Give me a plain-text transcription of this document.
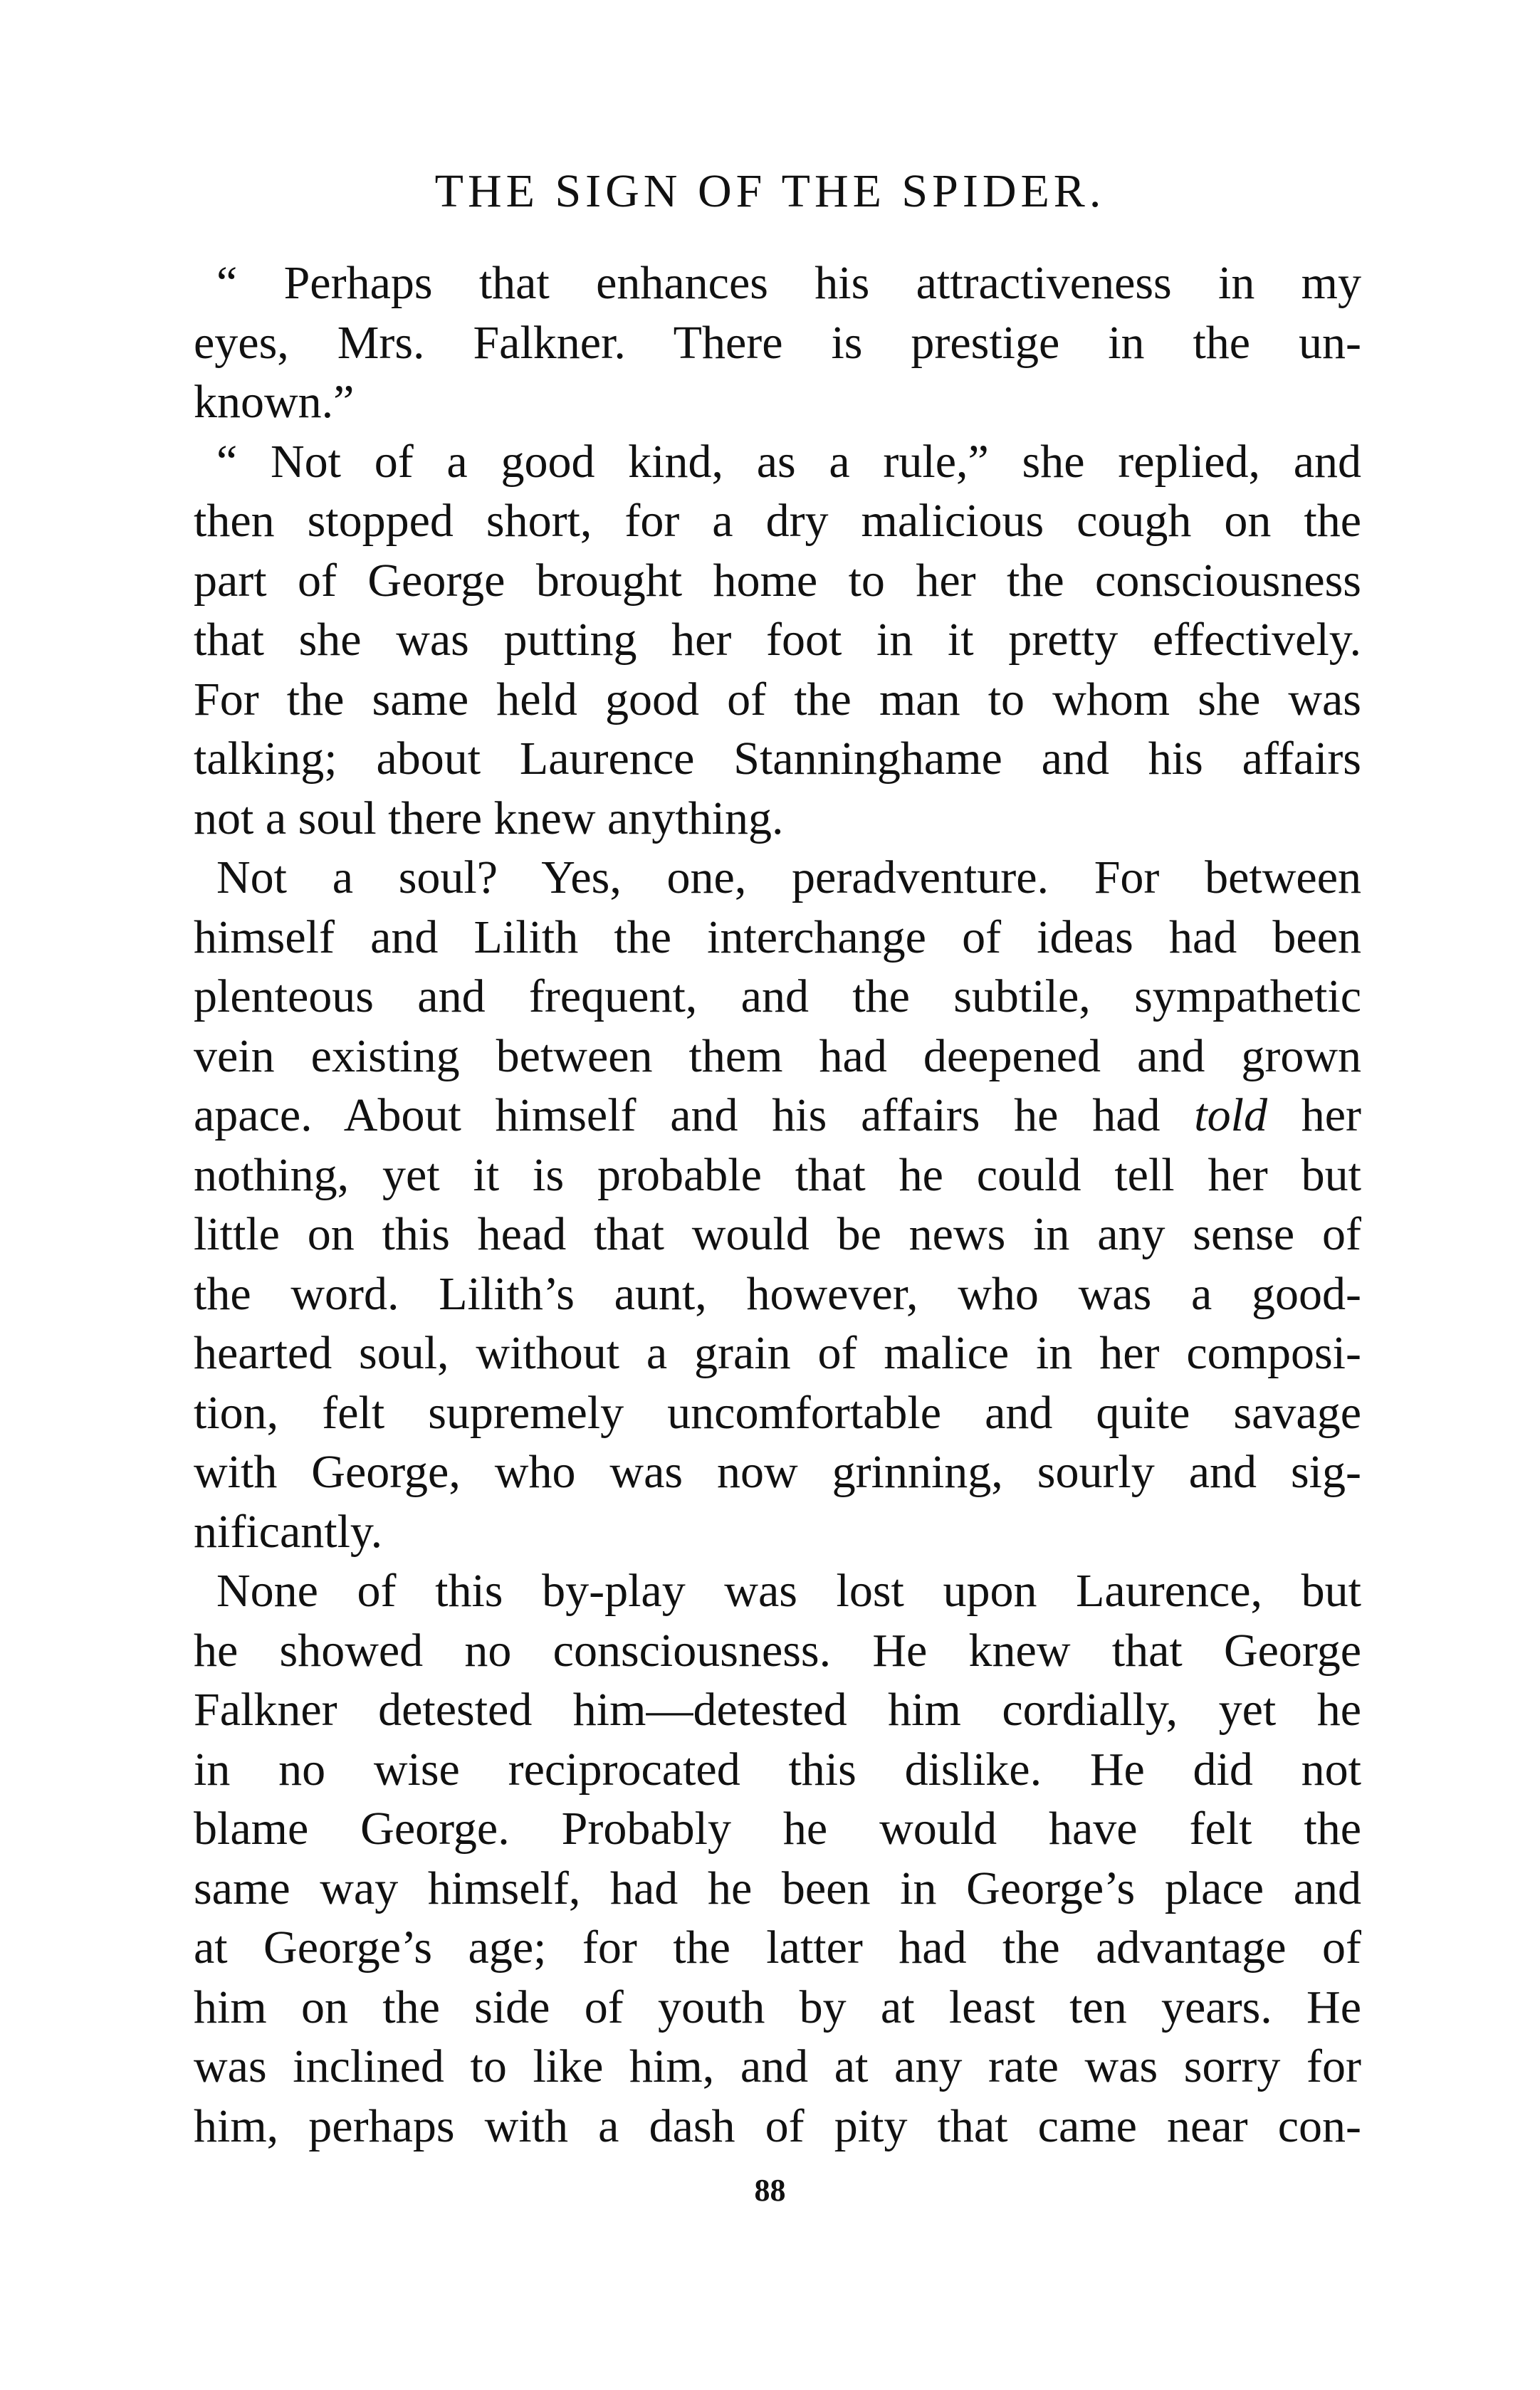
THE SIGN OF THE SPIDER.
“ Perhaps that enhances his attractiveness in my
eyes, Mrs. Falkner. There is prestige in the un-
known.”
“ Not of a good kind, as a rule,” she replied, and
then stopped short, for a dry malicious cough on the
part of George brought home to her the consciousness
that she was putting her foot in it pretty effectively.
For the same held good of the man to whom she was
talking; about Laurence Stanninghame and his affairs
not a soul there knew anything.
Not a soul? Yes, one, peradventure. For between
himself and Lilith the interchange of ideas had been
plenteous and frequent, and the subtile, sympathetic
vein existing between them had deepened and grown
apace. About himself and his affairs he had told her
nothing, yet it is probable that he could tell her but
little on this head that would be news in any sense of
the word. Lilith’s aunt, however, who was a good-
hearted soul, without a grain of malice in her composi-
tion, felt supremely uncomfortable and quite savage
with George, who was now grinning, sourly and sig-
nificantly.
None of this by-play was lost upon Laurence, but
he showed no consciousness. He knew that George
Falkner detested him—detested him cordially, yet he
in no wise reciprocated this dislike. He did not
blame George. Probably he would have felt the
same way himself, had he been in George’s place and
at George’s age; for the latter had the advantage of
him on the side of youth by at least ten years. He
was inclined to like him, and at any rate was sorry for
him, perhaps with a dash of pity that came near con-
88
